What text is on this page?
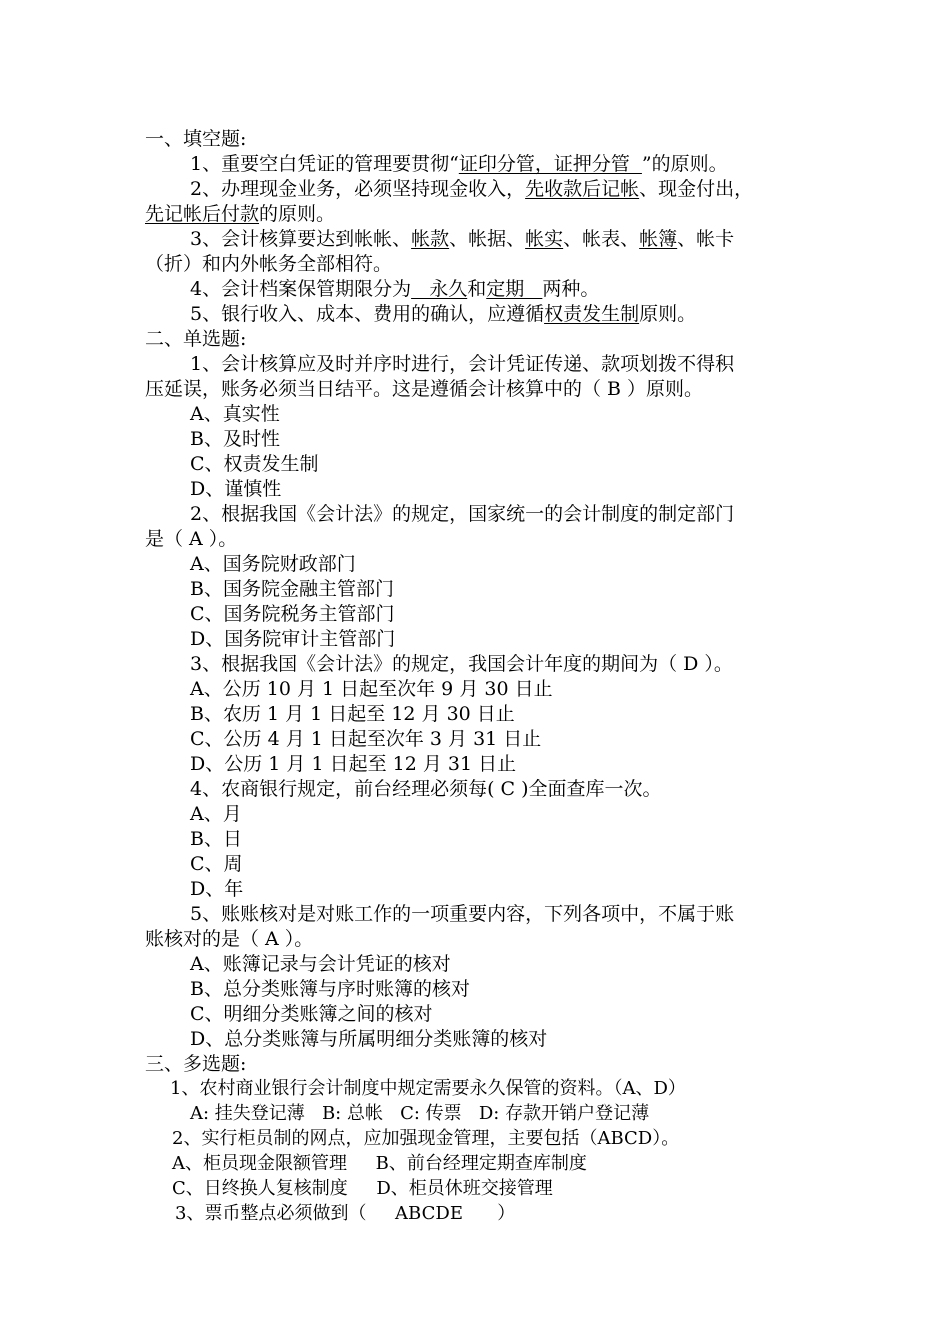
一、填空题:
1、重要空白凭证的管理要贯彻“证印分管，证押分管  ”的原则。
2、办理现金业务，必须坚持现金收入，先收款后记帐、现金付出，
先记帐后付款的原则。
3、会计核算要达到帐帐、帐款、帐据、帐实、帐表、帐簿、帐卡
（折）和内外帐务全部相符。
4、会计档案保管期限分为   永久和定期   两种。
5、银行收入、成本、费用的确认，应遵循权责发生制原则。
二、单选题:
1、会计核算应及时并序时进行，会计凭证传递、款项划拨不得积
压延误，账务必须当日结平。这是遵循会计核算中的（ B ）原则。
A、真实性
B、及时性
C、权责发生制
D、谨慎性
2、根据我国《会计法》的规定，国家统一的会计制度的制定部门
是（ A ）。
A、国务院财政部门
B、国务院金融主管部门
C、国务院税务主管部门
D、国务院审计主管部门
3、根据我国《会计法》的规定，我国会计年度的期间为（ D ）。
A、公历 10 月 1 日起至次年 9 月 30 日止
B、农历 1 月 1 日起至 12 月 30 日止
C、公历 4 月 1 日起至次年 3 月 31 日止
D、公历 1 月 1 日起至 12 月 31 日止
4、农商银行规定，前台经理必须每( C )全面查库一次。
A、月
B、日
C、周
D、年
5、账账核对是对账工作的一项重要内容，下列各项中，不属于账
账核对的是（ A ）。
A、账簿记录与会计凭证的核对
B、总分类账簿与序时账簿的核对
C、明细分类账簿之间的核对
D、总分类账簿与所属明细分类账簿的核对
三、多选题:
1、农村商业银行会计制度中规定需要永久保管的资料。（A、D）
A: 挂失登记薄   B: 总帐   C: 传票   D: 存款开销户登记薄
2、实行柜员制的网点，应加强现金管理，主要包括（ABCD）。
A、柜员现金限额管理     B、前台经理定期查库制度
C、日终换人复核制度     D、柜员休班交接管理
3、票币整点必须做到（     ABCDE      ）
